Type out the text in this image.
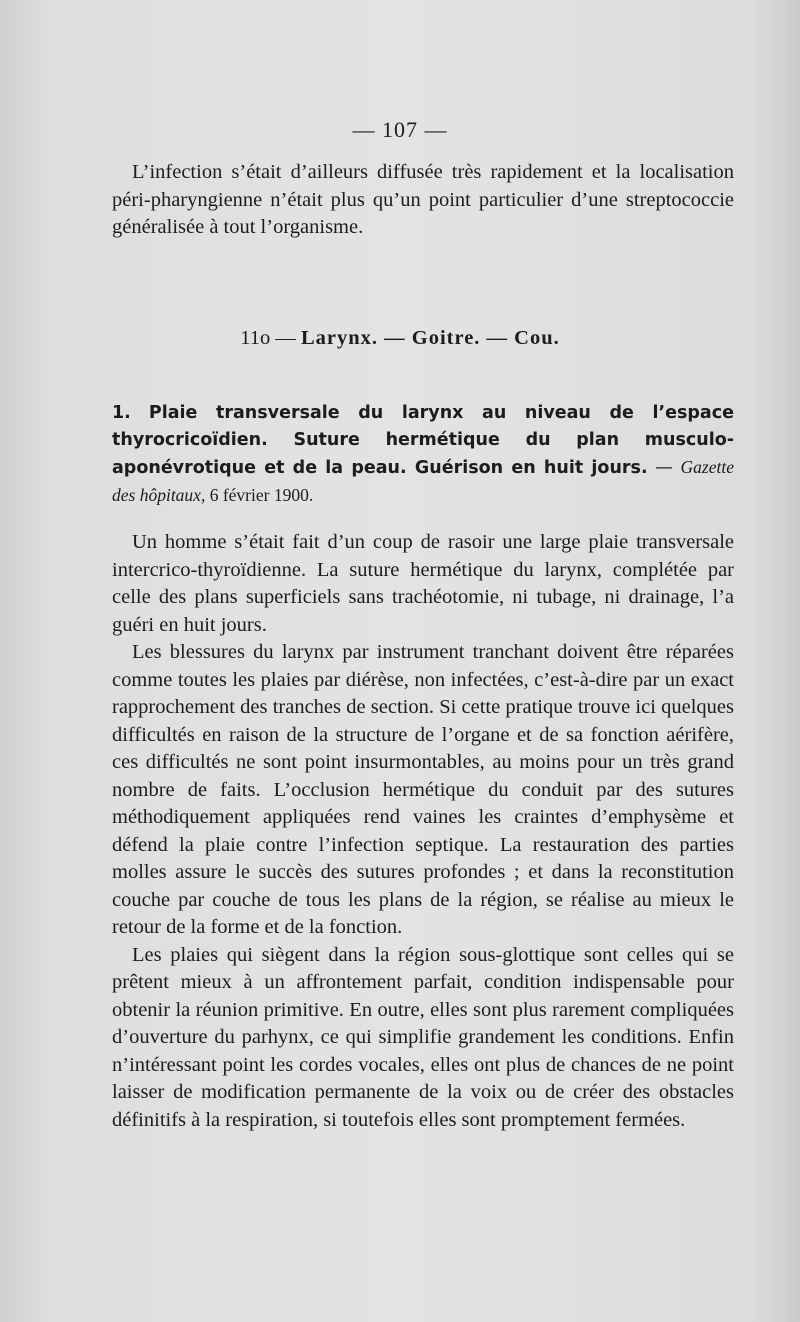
— 107 —

L’infection s’était d’ailleurs diffusée très rapidement et la localisation péri-pharyngienne n’était plus qu’un point particulier d’une streptococcie généralisée à tout l’organisme.

11o — Larynx. — Goitre. — Cou.
1. Plaie transversale du larynx au niveau de l’espace thyrocricoïdien. Suture hermétique du plan musculo-aponévrotique et de la peau. Guérison en huit jours. — Gazette des hôpitaux, 6 février 1900.

Un homme s’était fait d’un coup de rasoir une large plaie transversale intercrico-thyroïdienne. La suture hermétique du larynx, complétée par celle des plans superficiels sans trachéotomie, ni tubage, ni drainage, l’a guéri en huit jours.

Les blessures du larynx par instrument tranchant doivent être réparées comme toutes les plaies par diérèse, non infectées, c’est-à-dire par un exact rapprochement des tranches de section. Si cette pratique trouve ici quelques difficultés en raison de la structure de l’organe et de sa fonction aérifère, ces difficultés ne sont point insurmontables, au moins pour un très grand nombre de faits. L’occlusion hermétique du conduit par des sutures méthodiquement appliquées rend vaines les craintes d’emphysème et défend la plaie contre l’infection septique. La restauration des parties molles assure le succès des sutures profondes ; et dans la reconstitution couche par couche de tous les plans de la région, se réalise au mieux le retour de la forme et de la fonction.

Les plaies qui siègent dans la région sous-glottique sont celles qui se prêtent mieux à un affrontement parfait, condition indispensable pour obtenir la réunion primitive. En outre, elles sont plus rarement compliquées d’ouverture du parhynx, ce qui simplifie grandement les conditions. Enfin n’intéressant point les cordes vocales, elles ont plus de chances de ne point laisser de modification permanente de la voix ou de créer des obstacles définitifs à la respiration, si toutefois elles sont promptement fermées.
